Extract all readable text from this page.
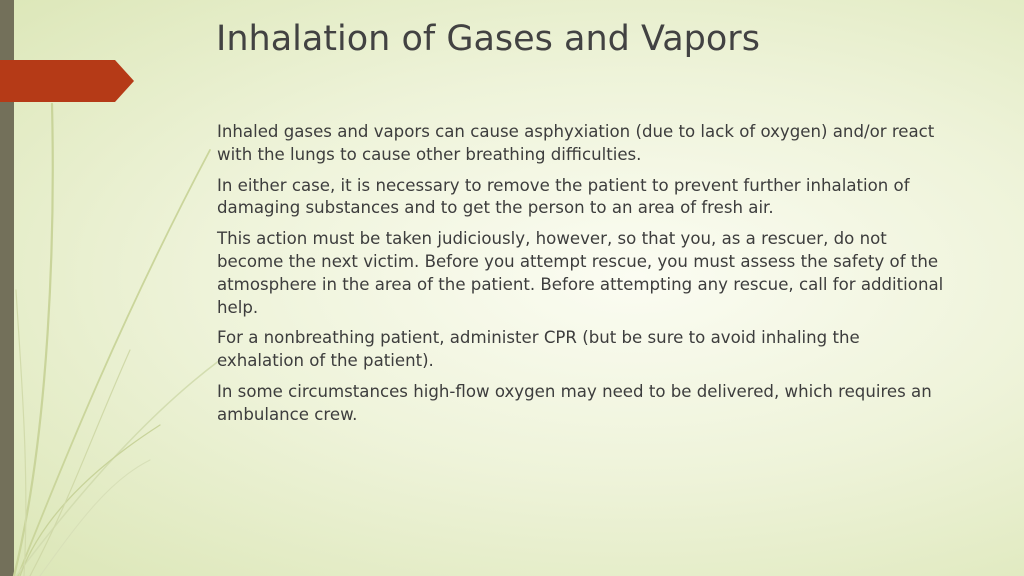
Inhalation of Gases and Vapors

Inhaled gases and vapors can cause asphyxiation (due to lack of oxygen) and/or react with the lungs to cause other breathing difficulties.

In either case, it is necessary to remove the patient to prevent further inhalation of damaging substances and to get the person to an area of fresh air.

This action must be taken judiciously, however, so that you, as a rescuer, do not become the next victim. Before you attempt rescue, you must assess the safety of the atmosphere in the area of the patient. Before attempting any rescue, call for additional help.

For a nonbreathing patient, administer CPR (but be sure to avoid inhaling the exhalation of the patient).

In some circumstances high-flow oxygen may need to be delivered, which requires an ambulance crew.
